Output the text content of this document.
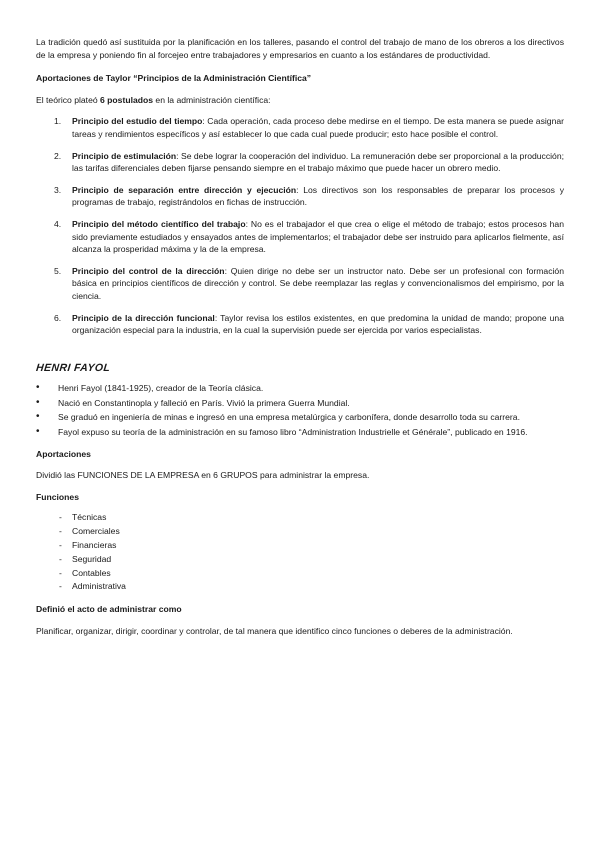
La tradición quedó así sustituida por la planificación en los talleres, pasando el control del trabajo de mano de los obreros a los directivos de la empresa y poniendo fin al forcejeo entre trabajadores y empresarios en cuanto a los estándares de productividad.

Aportaciones de Taylor “Principios de la Administración Científica”

El teórico plateó 6 postulados en la administración científica:

1. Principio del estudio del tiempo: Cada operación, cada proceso debe medirse en el tiempo. De esta manera se puede asignar tareas y rendimientos específicos y así establecer lo que cada cual puede producir; esto hace posible el control.
2. Principio de estimulación: Se debe lograr la cooperación del individuo. La remuneración debe ser proporcional a la producción; las tarifas diferenciales deben fijarse pensando siempre en el trabajo máximo que puede hacer un obrero medio.
3. Principio de separación entre dirección y ejecución: Los directivos son los responsables de preparar los procesos y programas de trabajo, registrándolos en fichas de instrucción.
4. Principio del método científico del trabajo: No es el trabajador el que crea o elige el método de trabajo; estos procesos han sido previamente estudiados y ensayados antes de implementarlos; el trabajador debe ser instruido para aplicarlos fielmente, así alcanza la prosperidad máxima y la de la empresa.
5. Principio del control de la dirección: Quien dirige no debe ser un instructor nato. Debe ser un profesional con formación básica en principios científicos de dirección y control. Se debe reemplazar las reglas y convencionalismos del empirismo, por la ciencia.
6. Principio de la dirección funcional: Taylor revisa los estilos existentes, en que predomina la unidad de mando; propone una organización especial para la industria, en la cual la supervisión puede ser ejercida por varios especialistas.
HENRI FAYOL
• Henri Fayol (1841-1925), creador de la Teoría clásica.
• Nació en Constantinopla y falleció en París. Vivió la primera Guerra Mundial.
• Se graduó en ingeniería de minas e ingresó en una empresa metalúrgica y carbonífera, donde desarrollo toda su carrera.
• Fayol expuso su teoría de la administración en su famoso libro “Administration Industrielle et Générale”, publicado en 1916.

Aportaciones

Dividió las FUNCIONES DE LA EMPRESA en 6 GRUPOS para administrar la empresa.

Funciones

- Técnicas
- Comerciales
- Financieras
- Seguridad
- Contables
- Administrativa

Definió el acto de administrar como

Planificar, organizar, dirigir, coordinar y controlar, de tal manera que identifico cinco funciones o deberes de la administración.
